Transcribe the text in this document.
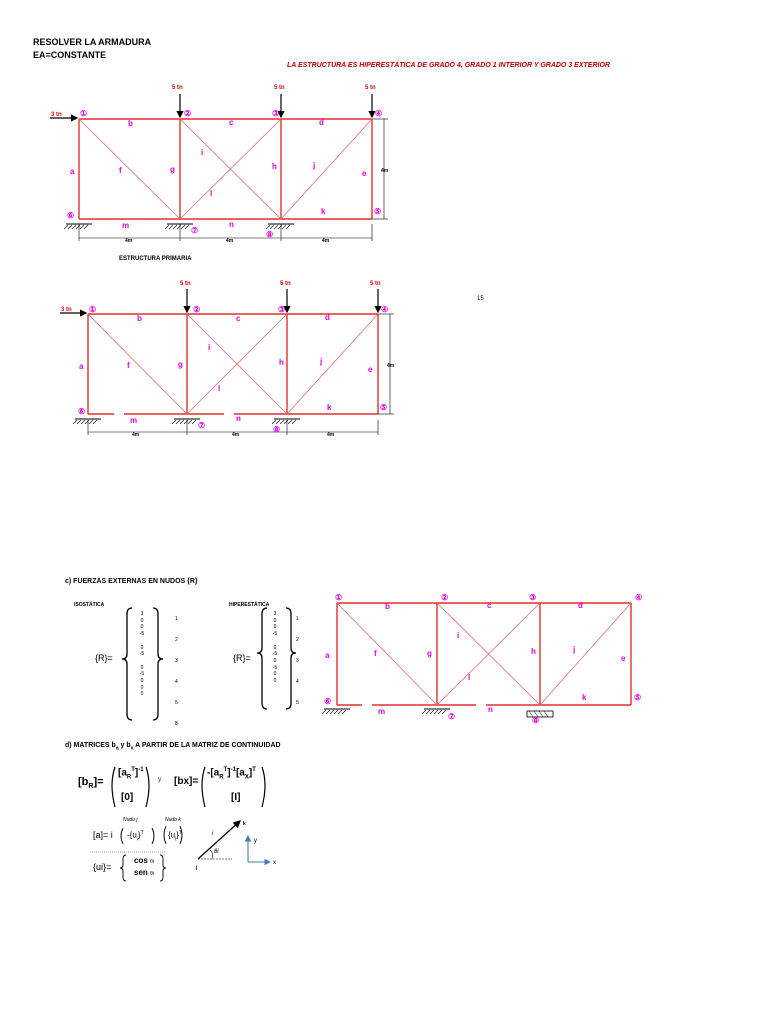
RESOLVER LA ARMADURA
EA=CONSTANTE
LA ESTRUCTURA ES HIPERESTÁTICA DE GRADO 4, GRADO 1 INTERIOR Y GRADO 3 EXTERIOR
3 tn
5 tn	5 tn	5 tn
①	②	③	④
⑤
⑥
⑦	⑧
b	c	d
a	f	g
i
l
h	j
e
k
m	n
4m	4m	4m
4m
3 tn
5 tn	5 tn	5 tn
①	②	③	④
⑤
⑥
⑦	⑧
b	c	d
a	f	g
i
l
h	j
e
k
m	n
4m	4m	4m
4m
①	②	③	④
⑤
⑥
⑦	⑧
b	c	d
a	f	g
i
l
h	j
e
k
m	n
i
k
j
θi
y
x
ESTRUCTURA PRIMARIA
15
c) FUERZAS EXTERNAS EN NUDOS {R}
ISOSTÁTICA	HIPERESTÁTICA
{R}=	{R}=
3
0
0
-5

0
-5

0
-5
0
0
0
1
2
3
4
5
8
3
0
0
-5

0
-5
0
-5
0
0
1
2
3
4
5
d) MATRICES $b_a$ y $b_x$ A PARTIR DE LA MATRIZ DE CONTINUIDAD
$[b_R]=$
$[a_R^T]^{-1}$
[0]
y [bx]=
$-[a_R^T]^{-1}[a_X]^T$
[I]
Nudo j	Nudo k
[a]= i $-\{u_i\}^T$	$\{u_i\}^T$
{ui}=
cos θi
sen θi
